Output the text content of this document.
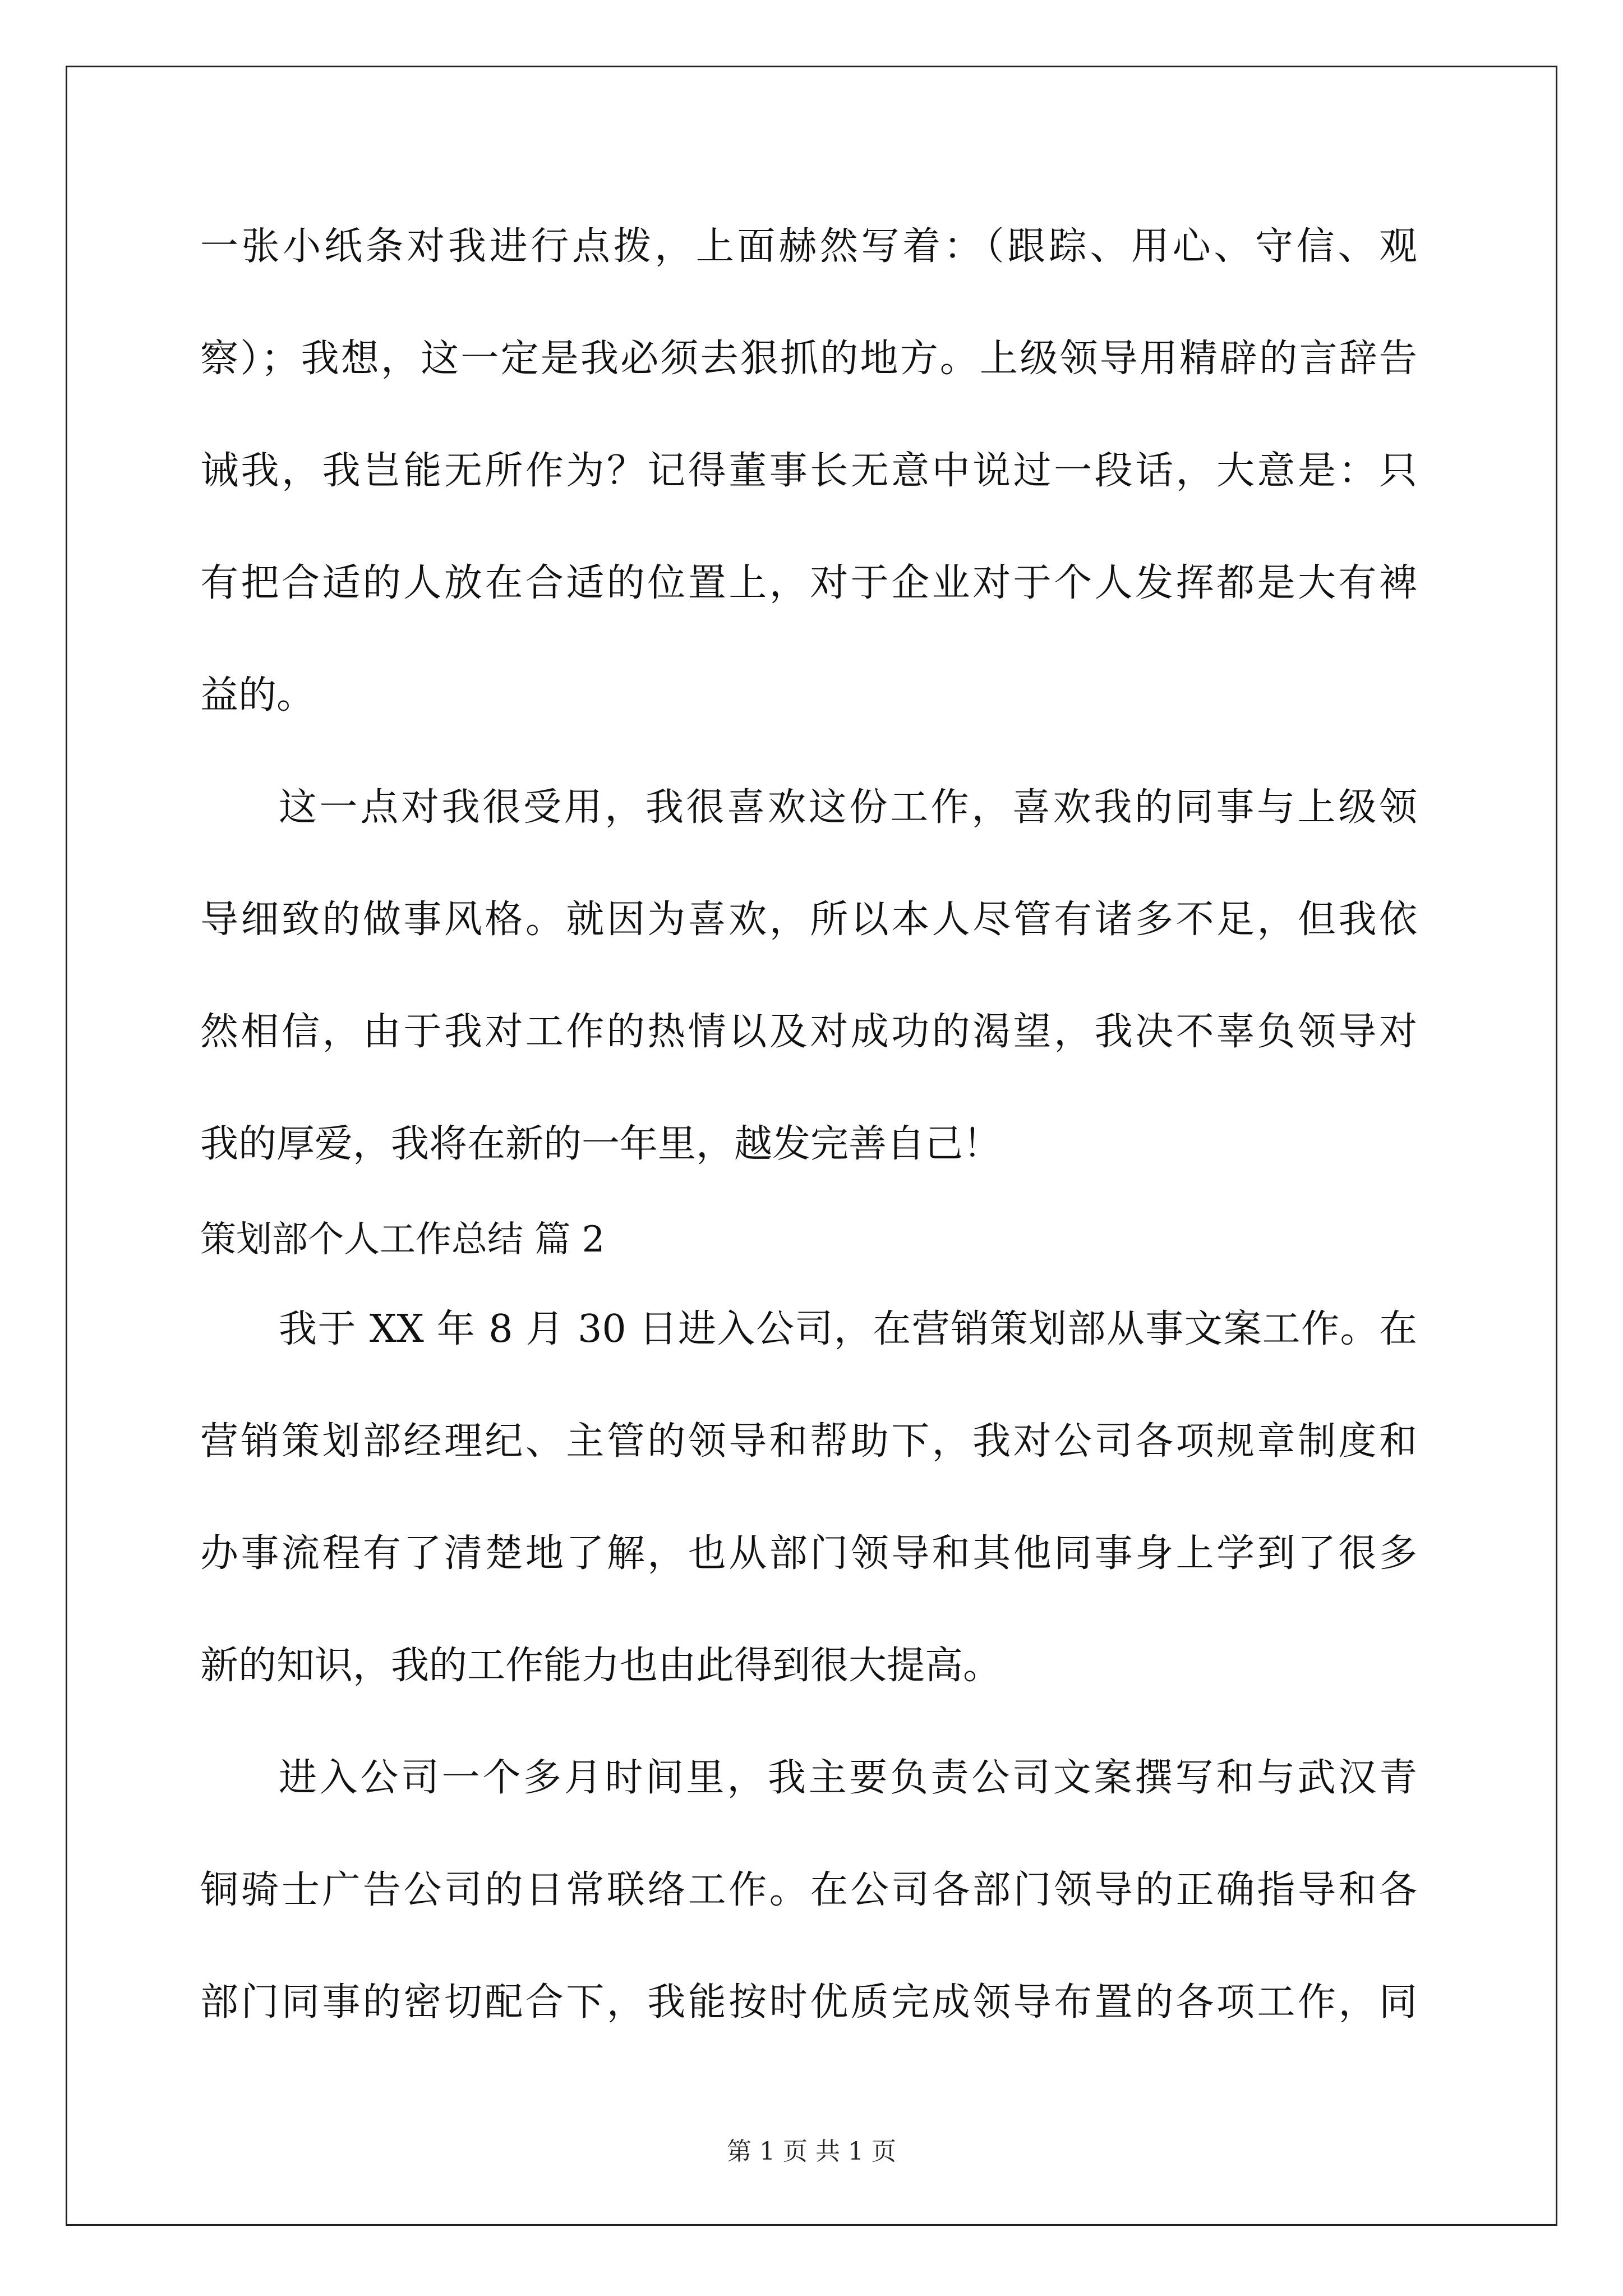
一张小纸条对我进行点拨，上面赫然写着：（跟踪、用心、守信、观
察）；我想，这一定是我必须去狠抓的地方。上级领导用精辟的言辞告
诫我，我岂能无所作为？记得董事长无意中说过一段话，大意是：只
有把合适的人放在合适的位置上，对于企业对于个人发挥都是大有裨
益的。
这一点对我很受用，我很喜欢这份工作，喜欢我的同事与上级领
导细致的做事风格。就因为喜欢，所以本人尽管有诸多不足，但我依
然相信，由于我对工作的热情以及对成功的渴望，我决不辜负领导对
我的厚爱，我将在新的一年里，越发完善自己！
策划部个人工作总结 篇 2
我于 XX 年 8 月 30 日进入公司，在营销策划部从事文案工作。在
营销策划部经理纪、主管的领导和帮助下，我对公司各项规章制度和
办事流程有了清楚地了解，也从部门领导和其他同事身上学到了很多
新的知识，我的工作能力也由此得到很大提高。
进入公司一个多月时间里，我主要负责公司文案撰写和与武汉青
铜骑士广告公司的日常联络工作。在公司各部门领导的正确指导和各
部门同事的密切配合下，我能按时优质完成领导布置的各项工作，同
第 1 页 共 1 页
